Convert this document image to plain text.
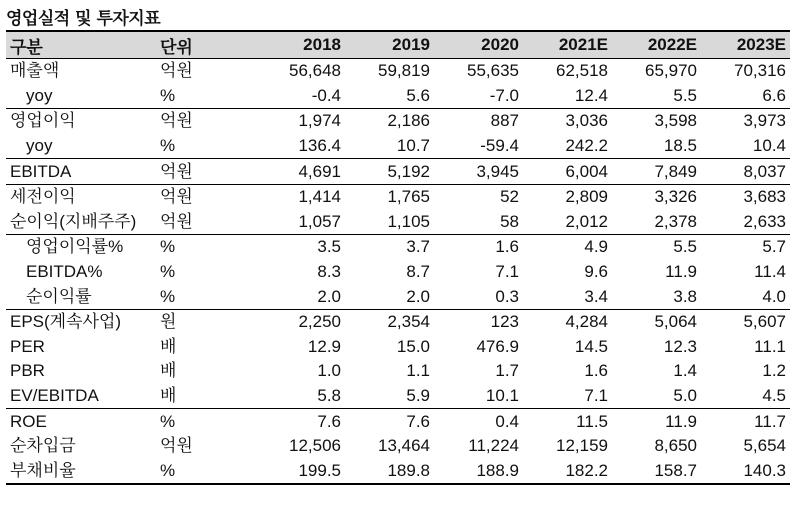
영업실적 및 투자지표
구분	단위	2018	2019	2020	2021E	2022E	2023E
매출액	억원	56,648	59,819	55,635	62,518	65,970	70,316
yoy	%	-0.4	5.6	-7.0	12.4	5.5	6.6
영업이익	억원	1,974	2,186	887	3,036	3,598	3,973
yoy	%	136.4	10.7	-59.4	242.2	18.5	10.4
EBITDA	억원	4,691	5,192	3,945	6,004	7,849	8,037
세전이익	억원	1,414	1,765	52	2,809	3,326	3,683
순이익(지배주주)	억원	1,057	1,105	58	2,012	2,378	2,633
영업이익률%	%	3.5	3.7	1.6	4.9	5.5	5.7
EBITDA%	%	8.3	8.7	7.1	9.6	11.9	11.4
순이익률	%	2.0	2.0	0.3	3.4	3.8	4.0
EPS(계속사업)	원	2,250	2,354	123	4,284	5,064	5,607
PER	배	12.9	15.0	476.9	14.5	12.3	11.1
PBR	배	1.0	1.1	1.7	1.6	1.4	1.2
EV/EBITDA	배	5.8	5.9	10.1	7.1	5.0	4.5
ROE	%	7.6	7.6	0.4	11.5	11.9	11.7
순차입금	억원	12,506	13,464	11,224	12,159	8,650	5,654
부채비율	%	199.5	189.8	188.9	182.2	158.7	140.3
